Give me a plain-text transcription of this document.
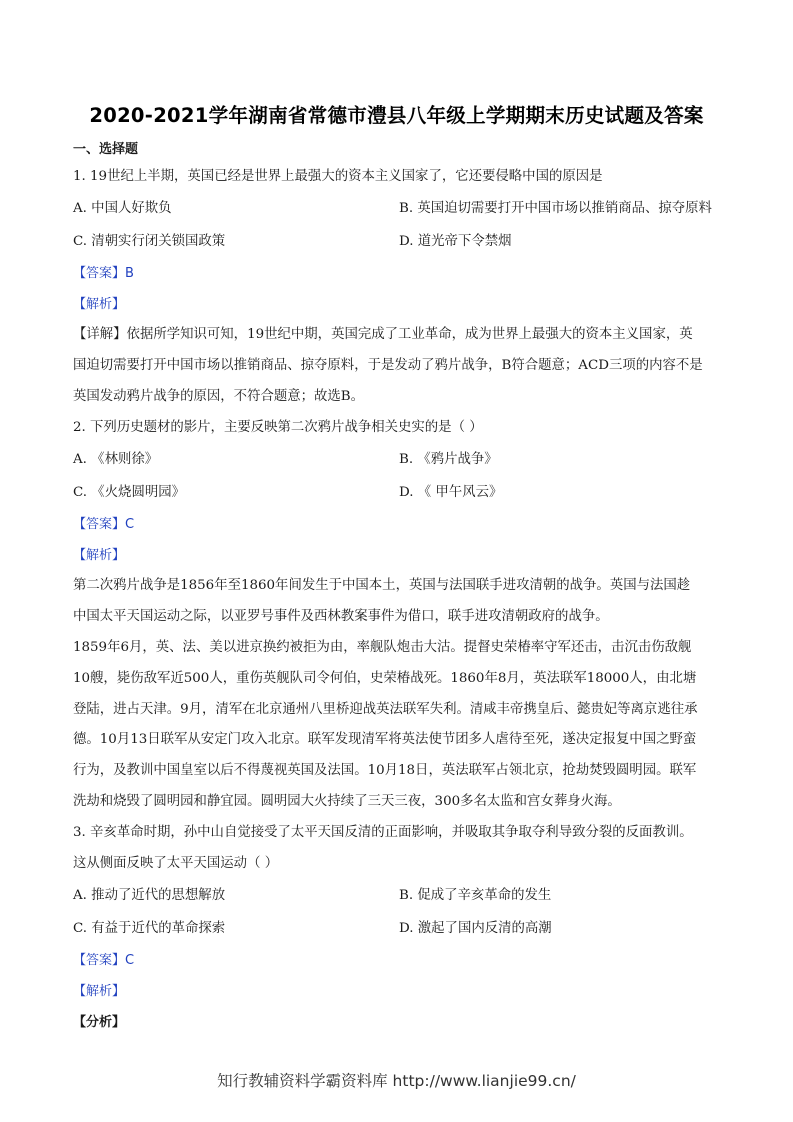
2020-2021学年湖南省常德市澧县八年级上学期期末历史试题及答案
一、选择题
1. 19世纪上半期，英国已经是世界上最强大的资本主义国家了，它还要侵略中国的原因是
A. 中国人好欺负	B. 英国迫切需要打开中国市场以推销商品、掠夺原料
C. 清朝实行闭关锁国政策	D. 道光帝下令禁烟
【答案】B
【解析】
【详解】依据所学知识可知，19世纪中期，英国完成了工业革命，成为世界上最强大的资本主义国家，英
国迫切需要打开中国市场以推销商品、掠夺原料，于是发动了鸦片战争，B符合题意；ACD三项的内容不是
英国发动鸦片战争的原因，不符合题意；故选B。
2. 下列历史题材的影片，主要反映第二次鸦片战争相关史实的是（ ）
A. 《林则徐》	B. 《鸦片战争》
C. 《火烧圆明园》	D. 《 甲午风云》
【答案】C
【解析】
第二次鸦片战争是1856年至1860年间发生于中国本土，英国与法国联手进攻清朝的战争。英国与法国趁
中国太平天国运动之际，以亚罗号事件及西林教案事件为借口，联手进攻清朝政府的战争。
1859年6月，英、法、美以进京换约被拒为由，率舰队炮击大沽。提督史荣椿率守军还击，击沉击伤敌舰
10艘，毙伤敌军近500人，重伤英舰队司令何伯，史荣椿战死。1860年8月，英法联军18000人，由北塘
登陆，进占天津。9月，清军在北京通州八里桥迎战英法联军失利。清咸丰帝携皇后、懿贵妃等离京逃往承
德。10月13日联军从安定门攻入北京。联军发现清军将英法使节团多人虐待至死，遂决定报复中国之野蛮
行为，及教训中国皇室以后不得蔑视英国及法国。10月18日，英法联军占领北京，抢劫焚毁圆明园。联军
洗劫和烧毁了圆明园和静宜园。圆明园大火持续了三天三夜，300多名太监和宫女葬身火海。
3. 辛亥革命时期，孙中山自觉接受了太平天国反清的正面影响，并吸取其争取夺利导致分裂的反面教训。
这从侧面反映了太平天国运动（ ）
A. 推动了近代的思想解放	B. 促成了辛亥革命的发生
C. 有益于近代的革命探索	D. 激起了国内反清的高潮
【答案】C
【解析】
【分析】
知行教辅资料学霸资料库 http://www.lianjie99.cn/
